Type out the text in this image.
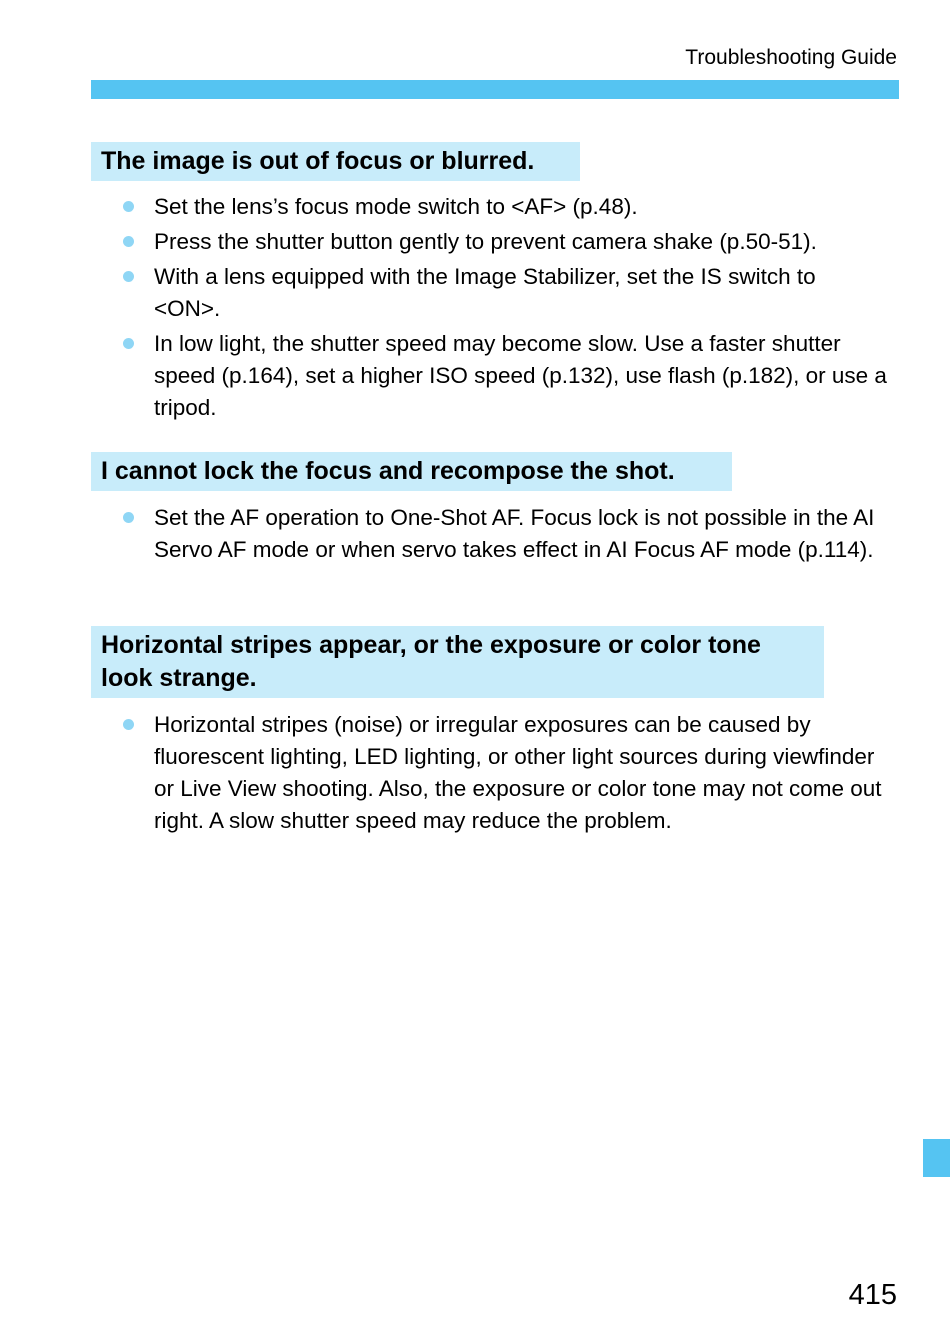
Troubleshooting Guide
The image is out of focus or blurred.
Set the lens’s focus mode switch to <AF> (p.48).
Press the shutter button gently to prevent camera shake (p.50-51).
With a lens equipped with the Image Stabilizer, set the IS switch to <ON>.
In low light, the shutter speed may become slow. Use a faster shutter speed (p.164), set a higher ISO speed (p.132), use flash (p.182), or use a tripod.
I cannot lock the focus and recompose the shot.
Set the AF operation to One-Shot AF. Focus lock is not possible in the AI Servo AF mode or when servo takes effect in AI Focus AF mode (p.114).
Horizontal stripes appear, or the exposure or color tone look strange.
Horizontal stripes (noise) or irregular exposures can be caused by fluorescent lighting, LED lighting, or other light sources during viewfinder or Live View shooting. Also, the exposure or color tone may not come out right. A slow shutter speed may reduce the problem.
415
